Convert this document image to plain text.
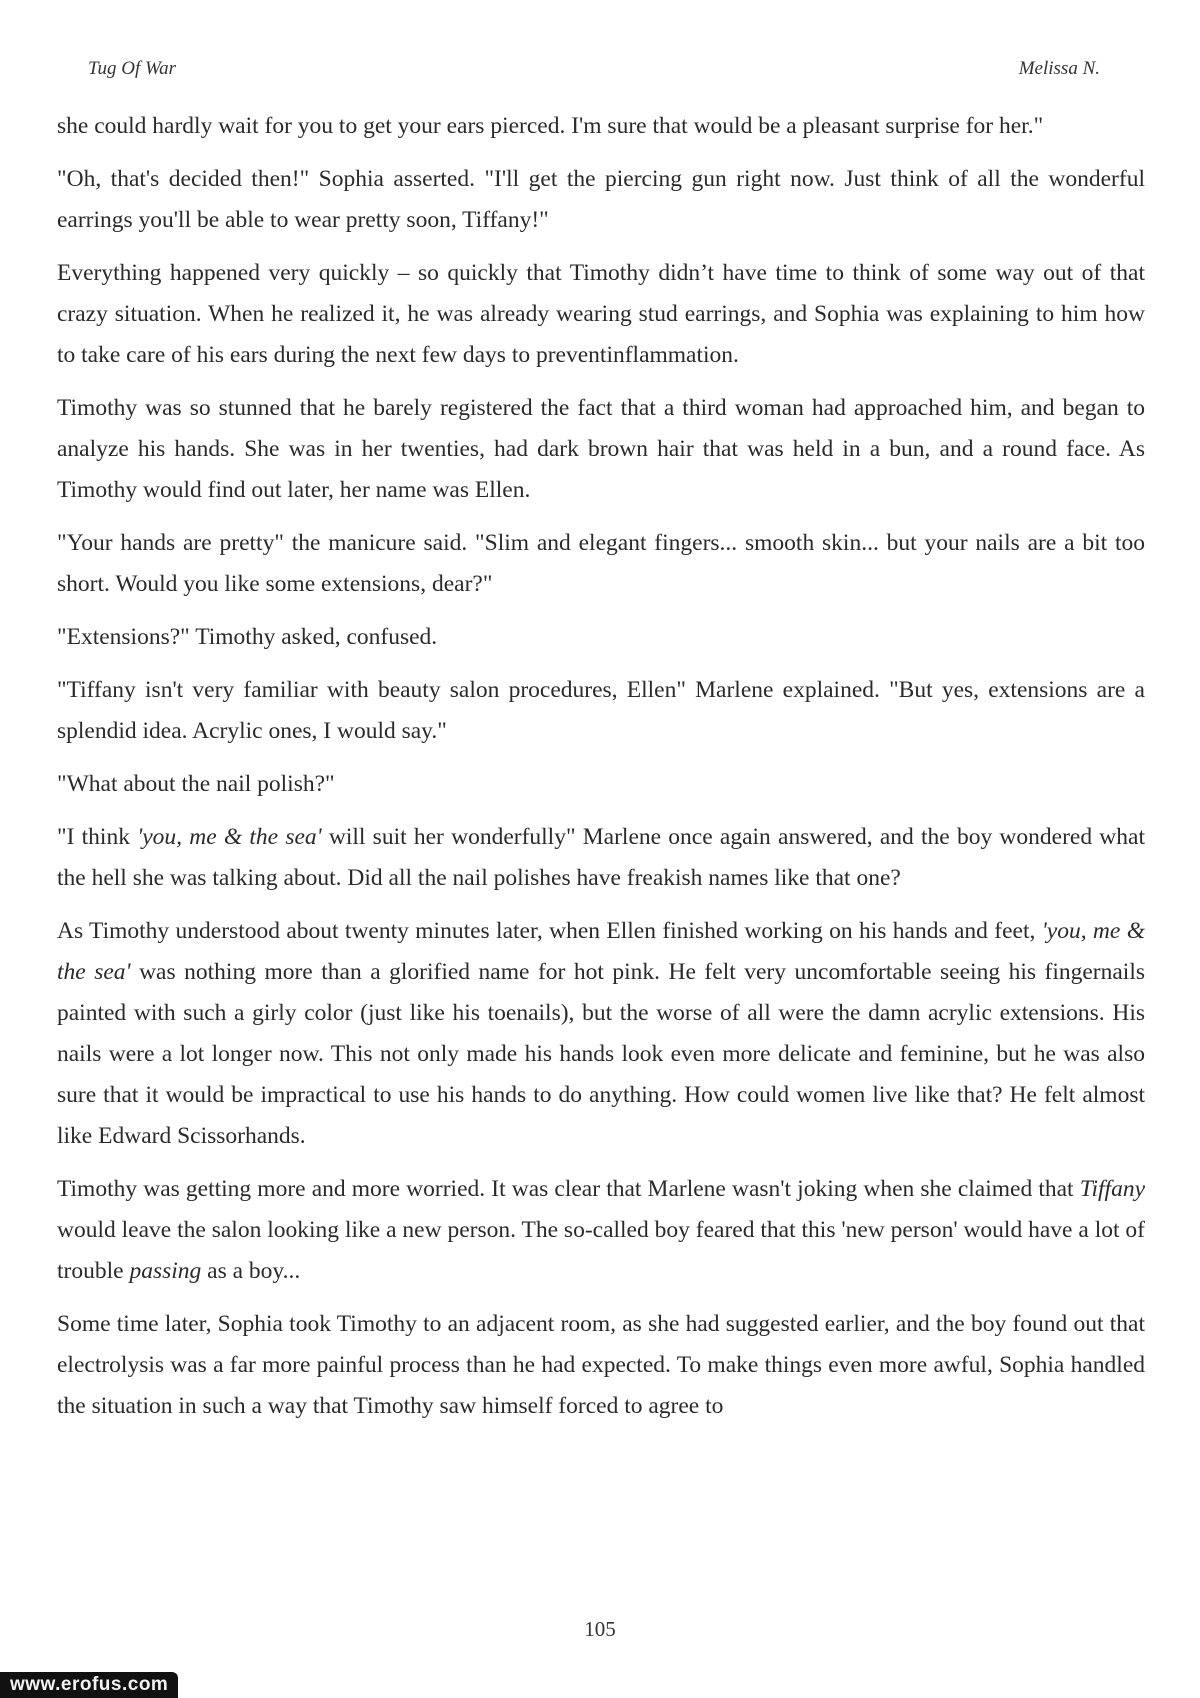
Tug Of War	Melissa N.

she could hardly wait for you to get your ears pierced. I'm sure that would be a pleasant surprise for her."

"Oh, that's decided then!" Sophia asserted. "I'll get the piercing gun right now. Just think of all the wonderful earrings you'll be able to wear pretty soon, Tiffany!"

Everything happened very quickly – so quickly that Timothy didn’t have time to think of some way out of that crazy situation. When he realized it, he was already wearing stud earrings, and Sophia was explaining to him how to take care of his ears during the next few days to preventinflammation.

Timothy was so stunned that he barely registered the fact that a third woman had approached him, and began to analyze his hands. She was in her twenties, had dark brown hair that was held in a bun, and a round face. As Timothy would find out later, her name was Ellen.

"Your hands are pretty" the manicure said. "Slim and elegant fingers... smooth skin... but your nails are a bit too short. Would you like some extensions, dear?"

"Extensions?" Timothy asked, confused.

"Tiffany isn't very familiar with beauty salon procedures, Ellen" Marlene explained. "But yes, extensions are a splendid idea. Acrylic ones, I would say."

"What about the nail polish?"

"I think 'you, me & the sea' will suit her wonderfully" Marlene once again answered, and the boy wondered what the hell she was talking about. Did all the nail polishes have freakish names like that one?

As Timothy understood about twenty minutes later, when Ellen finished working on his hands and feet, 'you, me & the sea' was nothing more than a glorified name for hot pink. He felt very uncomfortable seeing his fingernails painted with such a girly color (just like his toenails), but the worse of all were the damn acrylic extensions. His nails were a lot longer now. This not only made his hands look even more delicate and feminine, but he was also sure that it would be impractical to use his hands to do anything. How could women live like that? He felt almost like Edward Scissorhands.

Timothy was getting more and more worried. It was clear that Marlene wasn't joking when she claimed that Tiffany would leave the salon looking like a new person. The so-called boy feared that this 'new person' would have a lot of trouble passing as a boy...

Some time later, Sophia took Timothy to an adjacent room, as she had suggested earlier, and the boy found out that electrolysis was a far more painful process than he had expected. To make things even more awful, Sophia handled the situation in such a way that Timothy saw himself forced to agree to

105
www.erofus.com
